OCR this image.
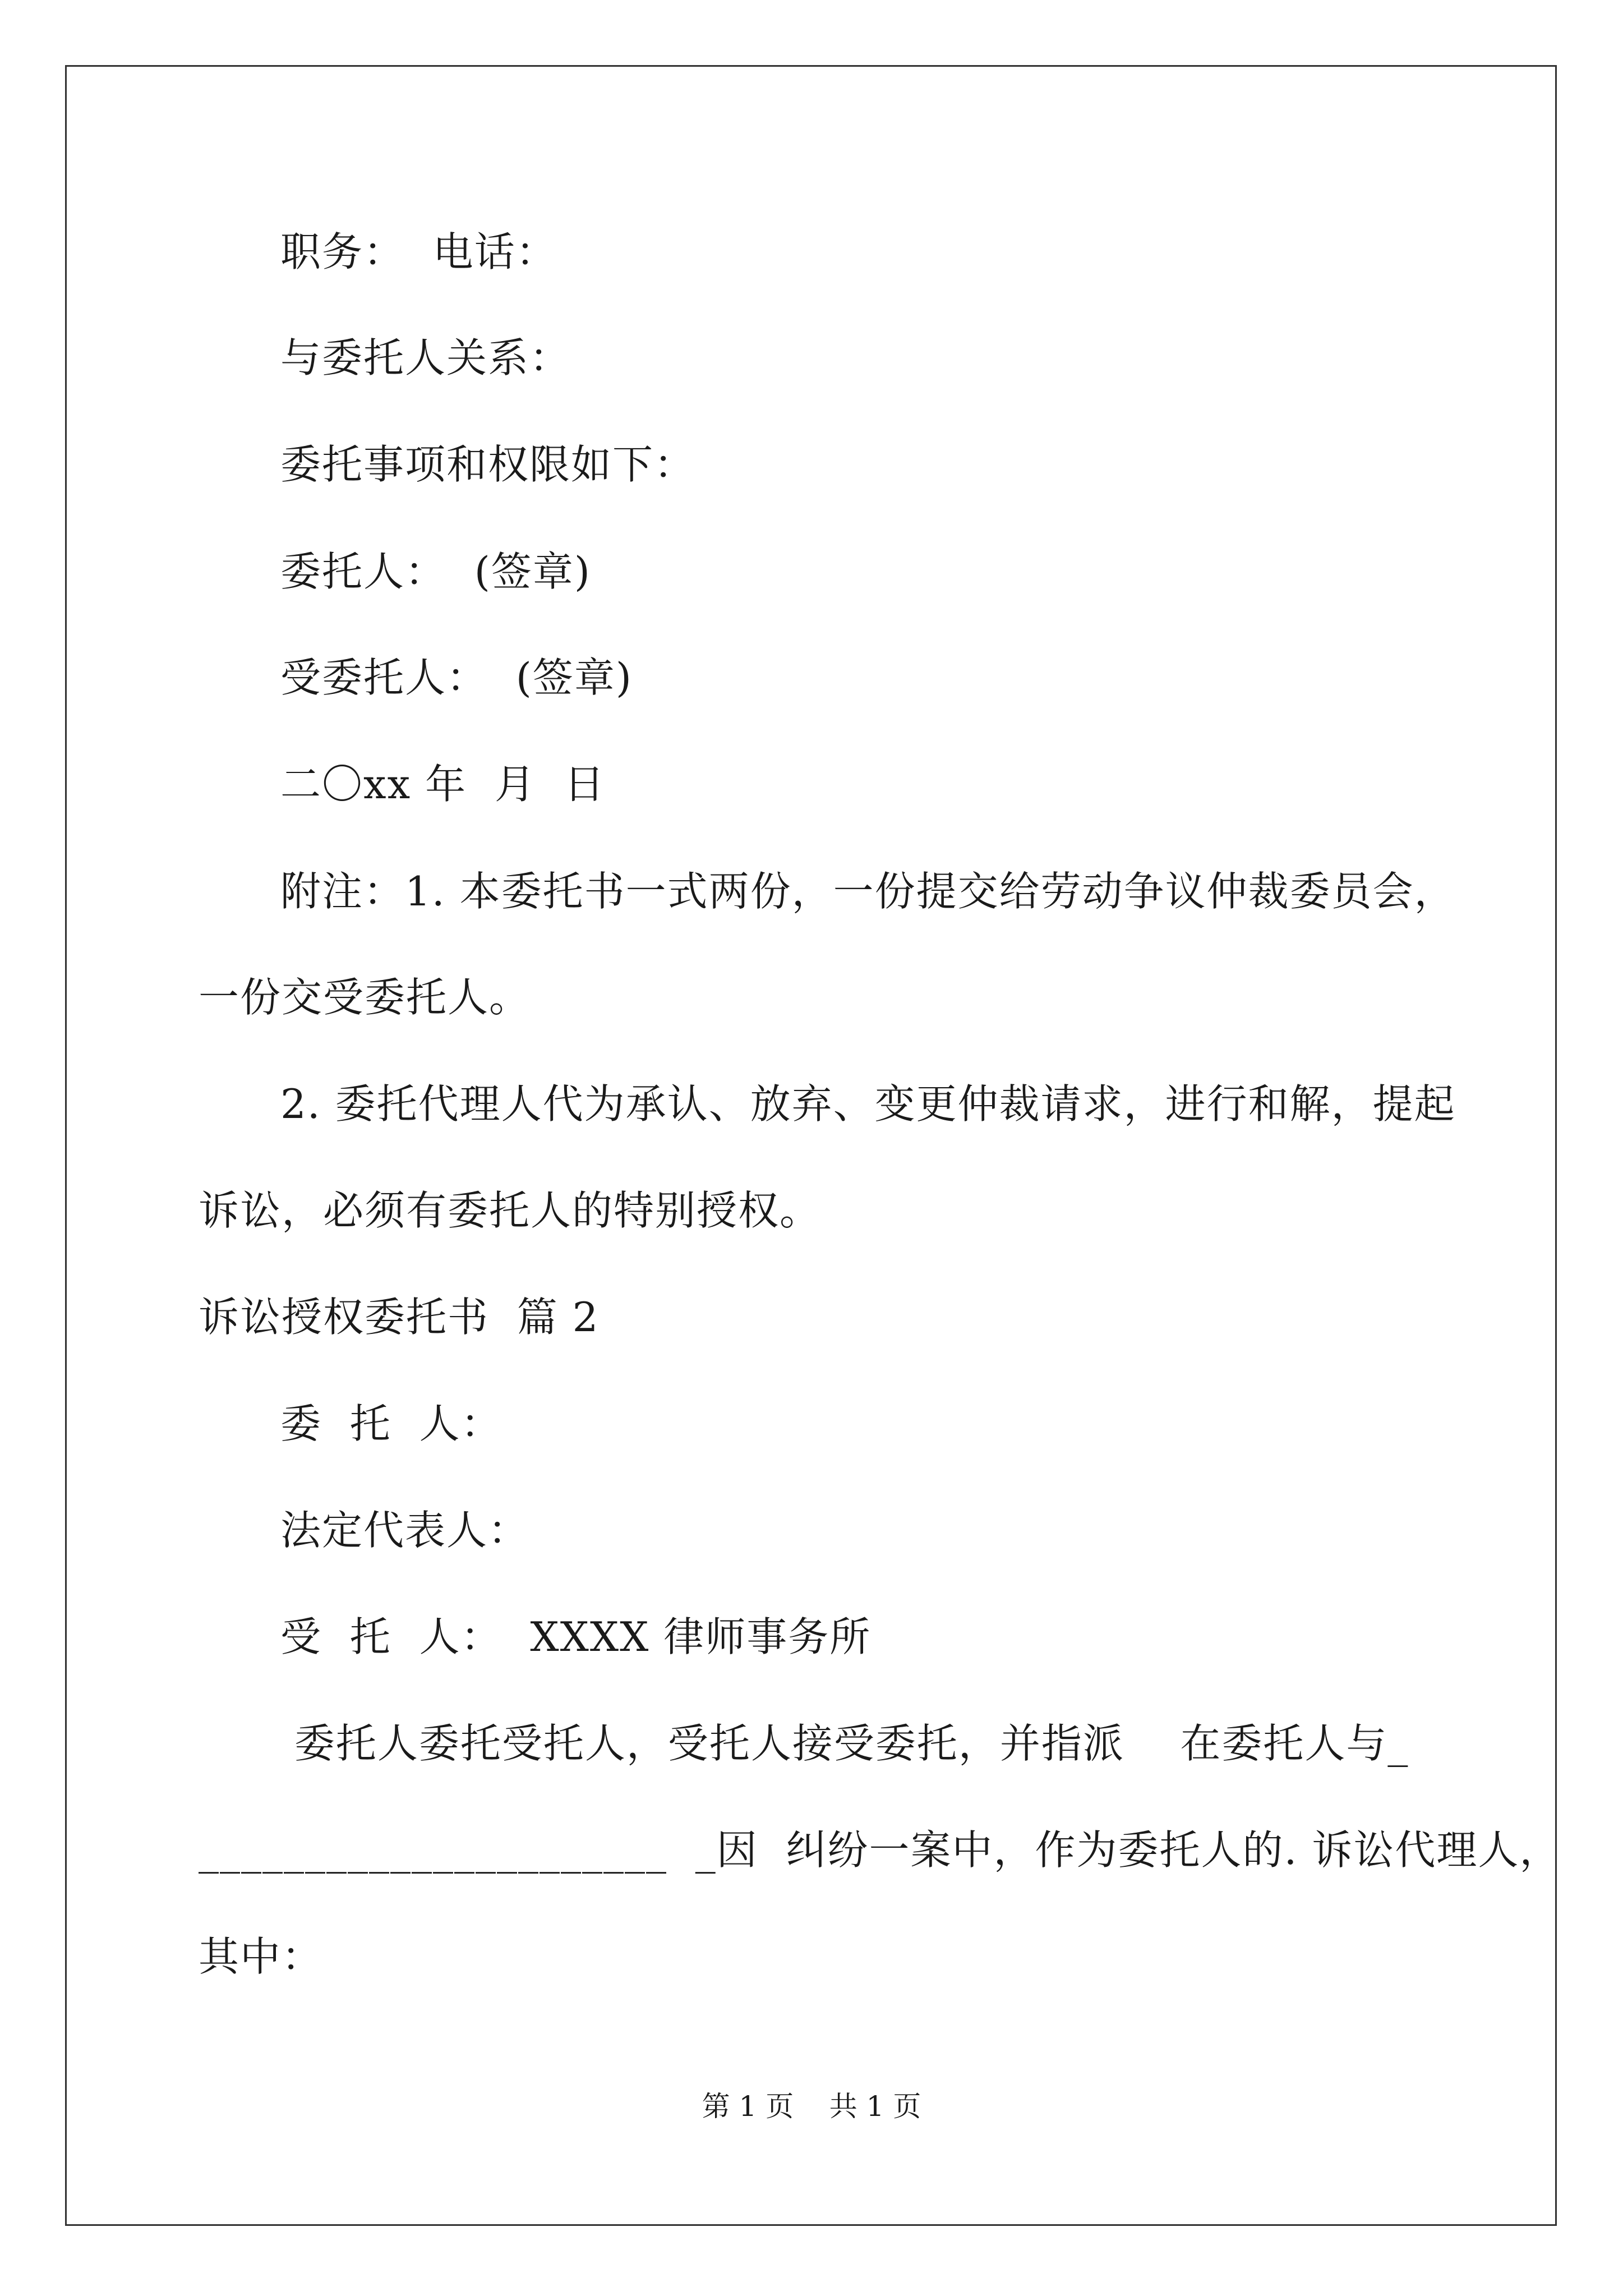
职务：  电话：
与委托人关系：
委托事项和权限如下：
委托人：  (签章)
受委托人：  (签章)
二〇xx 年  月  日
附注：1. 本委托书一式两份，一份提交给劳动争议仲裁委员会，
一份交受委托人。
2. 委托代理人代为承认、放弃、变更仲裁请求，进行和解，提起
诉讼，必须有委托人的特别授权。
诉讼授权委托书  篇 2
委  托  人：
法定代表人：
受  托  人：  XXXX 律师事务所
委托人委托受托人，受托人接受委托，并指派    在委托人与_
______________________  _因  纠纷一案中，作为委托人的. 诉讼代理人，
其中：
第 1 页    共 1 页
